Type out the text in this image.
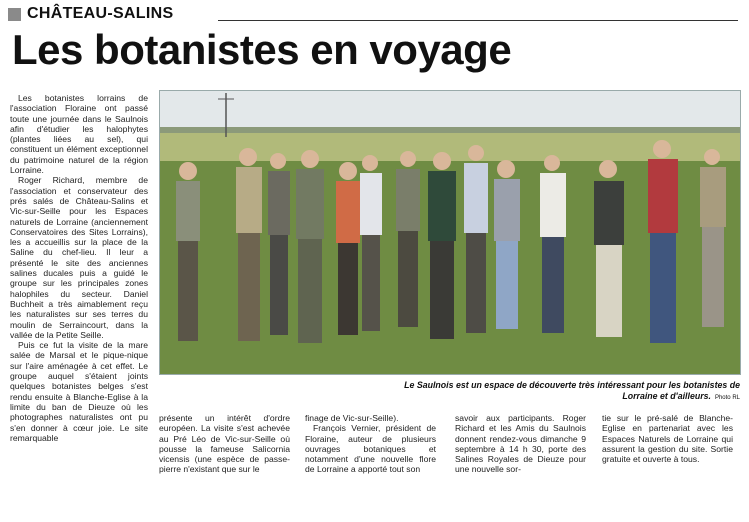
CHÂTEAU-SALINS
Les botanistes en voyage

Les botanistes lorrains de l'association Floraine ont passé toute une journée dans le Saulnois afin d'étudier les halophytes (plantes liées au sel), qui constituent un élément exceptionnel du patrimoine naturel de la région Lorraine.

Roger Richard, membre de l'association et conservateur des prés salés de Château-Salins et Vic-sur-Seille pour les Espaces naturels de Lorraine (anciennement Conservatoires des Sites Lorrains), les a accueillis sur la place de la Saline du chef-lieu. Il leur a présenté le site des anciennes salines ducales puis a guidé le groupe sur les principales zones halophiles du secteur. Daniel Buchheit a très aimablement reçu les naturalistes sur ses terres du moulin de Serraincourt, dans la vallée de la Petite Seille.

Puis ce fut la visite de la mare salée de Marsal et le pique-nique sur l'aire aménagée à cet effet. Le groupe auquel s'étaient joints quelques botanistes belges s'est rendu ensuite à Blanche-Eglise à la limite du ban de Dieuze où les photographes naturalistes ont pu s'en donner à cœur joie. Le site remarquable

Le Saulnois est un espace de découverte très intéressant pour les botanistes de Lorraine et d'ailleurs. Photo RL

présente un intérêt d'ordre européen. La visite s'est achevée au Pré Léo de Vic-sur-Seille où pousse la fameuse Salicornia vicensis (une espèce de passe-pierre n'existant que sur le

finage de Vic-sur-Seille).

François Vernier, président de Floraine, auteur de plusieurs ouvrages botaniques et notamment d'une nouvelle flore de Lorraine a apporté tout son

savoir aux participants. Roger Richard et les Amis du Saulnois donnent rendez-vous dimanche 9 septembre à 14 h 30, porte des Salines Royales de Dieuze pour une nouvelle sor-

tie sur le pré-salé de Blanche-Eglise en partenariat avec les Espaces Naturels de Lorraine qui assurent la gestion du site. Sortie gratuite et ouverte à tous.
